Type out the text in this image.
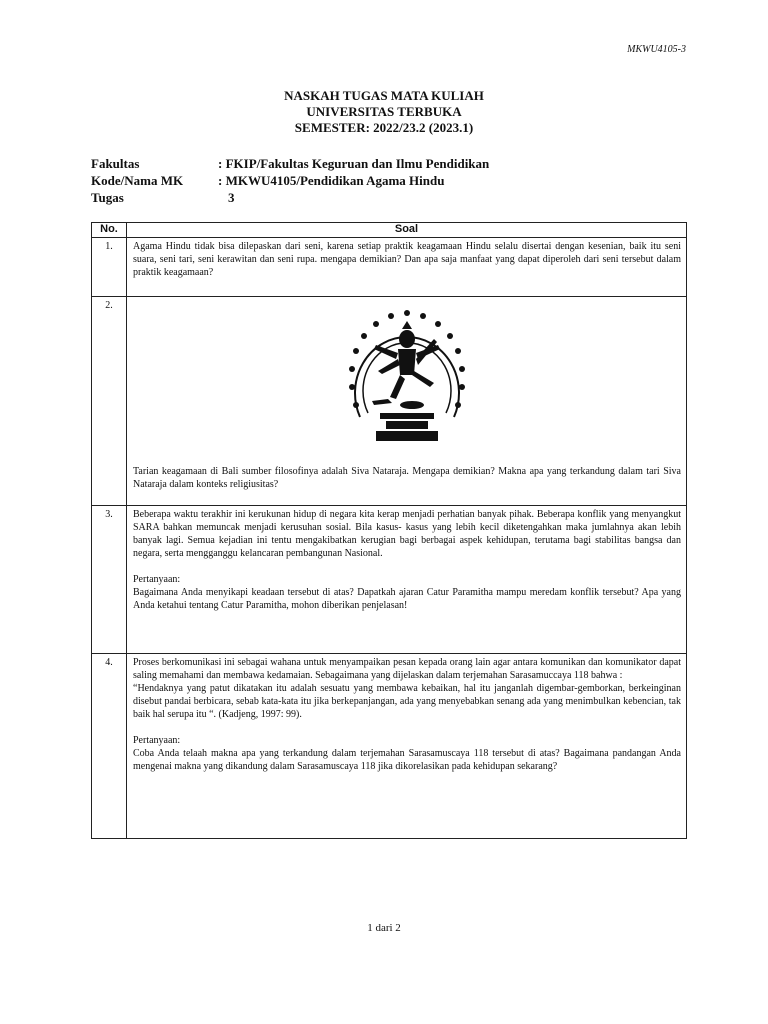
MKWU4105-3
NASKAH TUGAS MATA KULIAH
UNIVERSITAS TERBUKA
SEMESTER: 2022/23.2 (2023.1)
Fakultas	: FKIP/Fakultas Keguruan dan Ilmu Pendidikan
Kode/Nama MK	: MKWU4105/Pendidikan Agama Hindu
Tugas	3
No.	Soal
1.	Agama Hindu tidak bisa dilepaskan dari seni, karena setiap praktik keagamaan Hindu selalu disertai dengan kesenian, baik itu seni suara, seni tari, seni kerawitan dan seni rupa. mengapa demikian? Dan apa saja manfaat yang dapat diperoleh dari seni tersebut dalam praktik keagamaan?

2.	Tarian keagamaan di Bali sumber filosofinya adalah Siva Nataraja. Mengapa demikian? Makna apa yang terkandung dalam tari Siva Nataraja dalam konteks religiusitas?

3.	Beberapa waktu terakhir ini kerukunan hidup di negara kita kerap menjadi perhatian banyak pihak. Beberapa konflik yang menyangkut SARA bahkan memuncak menjadi kerusuhan sosial. Bila kasus- kasus yang lebih kecil diketengahkan maka jumlahnya akan lebih banyak lagi. Semua kejadian ini tentu mengakibatkan kerugian bagi berbagai aspek kehidupan, terutama bagi stabilitas bangsa dan negara, serta mengganggu kelancaran pembangunan Nasional.

Pertanyaan:

Bagaimana Anda menyikapi keadaan tersebut di atas? Dapatkah ajaran Catur Paramitha mampu meredam konflik tersebut? Apa yang Anda ketahui tentang Catur Paramitha, mohon diberikan penjelasan!

4.	Proses berkomunikasi ini sebagai wahana untuk menyampaikan pesan kepada orang lain agar antara komunikan dan komunikator dapat saling memahami dan membawa kedamaian. Sebagaimana yang dijelaskan dalam terjemahan Sarasamuccaya 118 bahwa :

“Hendaknya yang patut dikatakan itu adalah sesuatu yang membawa kebaikan, hal itu janganlah digembar-gemborkan, berkeinginan disebut pandai berbicara, sebab kata-kata itu jika berkepanjangan, ada yang menyebabkan senang ada yang menimbulkan kebencian, tak baik hal serupa itu “. (Kadjeng, 1997: 99).

Pertanyaan:

Coba Anda telaah makna apa yang terkandung dalam terjemahan Sarasamuscaya 118 tersebut di atas? Bagaimana pandangan Anda mengenai makna yang dikandung dalam Sarasamuscaya 118 jika dikorelasikan pada kehidupan sekarang?

1 dari 2
